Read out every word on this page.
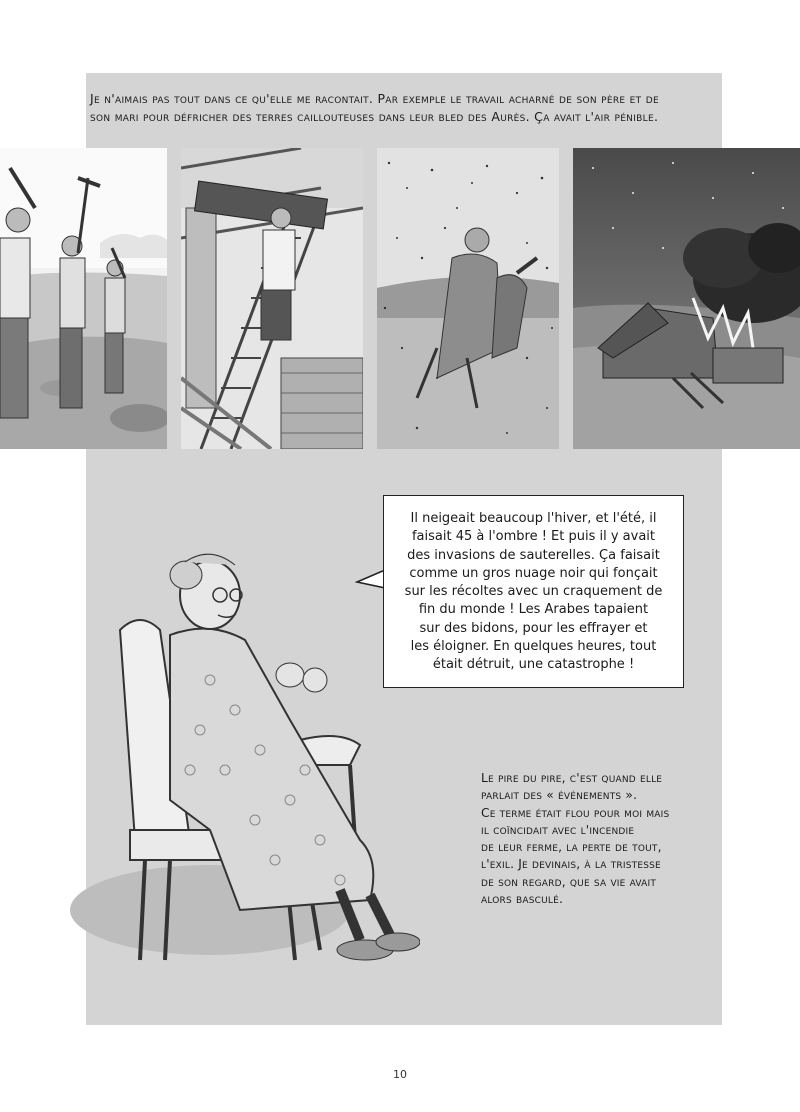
Je n'aimais pas tout dans ce qu'elle me racontait. Par exemple le travail acharné de son père et de
son mari pour défricher des terres caillouteuses dans leur bled des Aurès. Ça avait l'air pénible.
Il neigeait beaucoup l'hiver, et l'été, il
faisait 45 à l'ombre ! Et puis il y avait
des invasions de sauterelles. Ça faisait
comme un gros nuage noir qui fonçait
sur les récoltes avec un craquement de
fin du monde ! Les Arabes tapaient
sur des bidons, pour les effrayer et
les éloigner. En quelques heures, tout
était détruit, une catastrophe !
Le pire du pire, c'est quand elle
parlait des « événements ».
Ce terme était flou pour moi mais
il coïncidait avec l'incendie
de leur ferme, la perte de tout,
l'exil. Je devinais, à la tristesse
de son regard, que sa vie avait
alors basculé.
10
